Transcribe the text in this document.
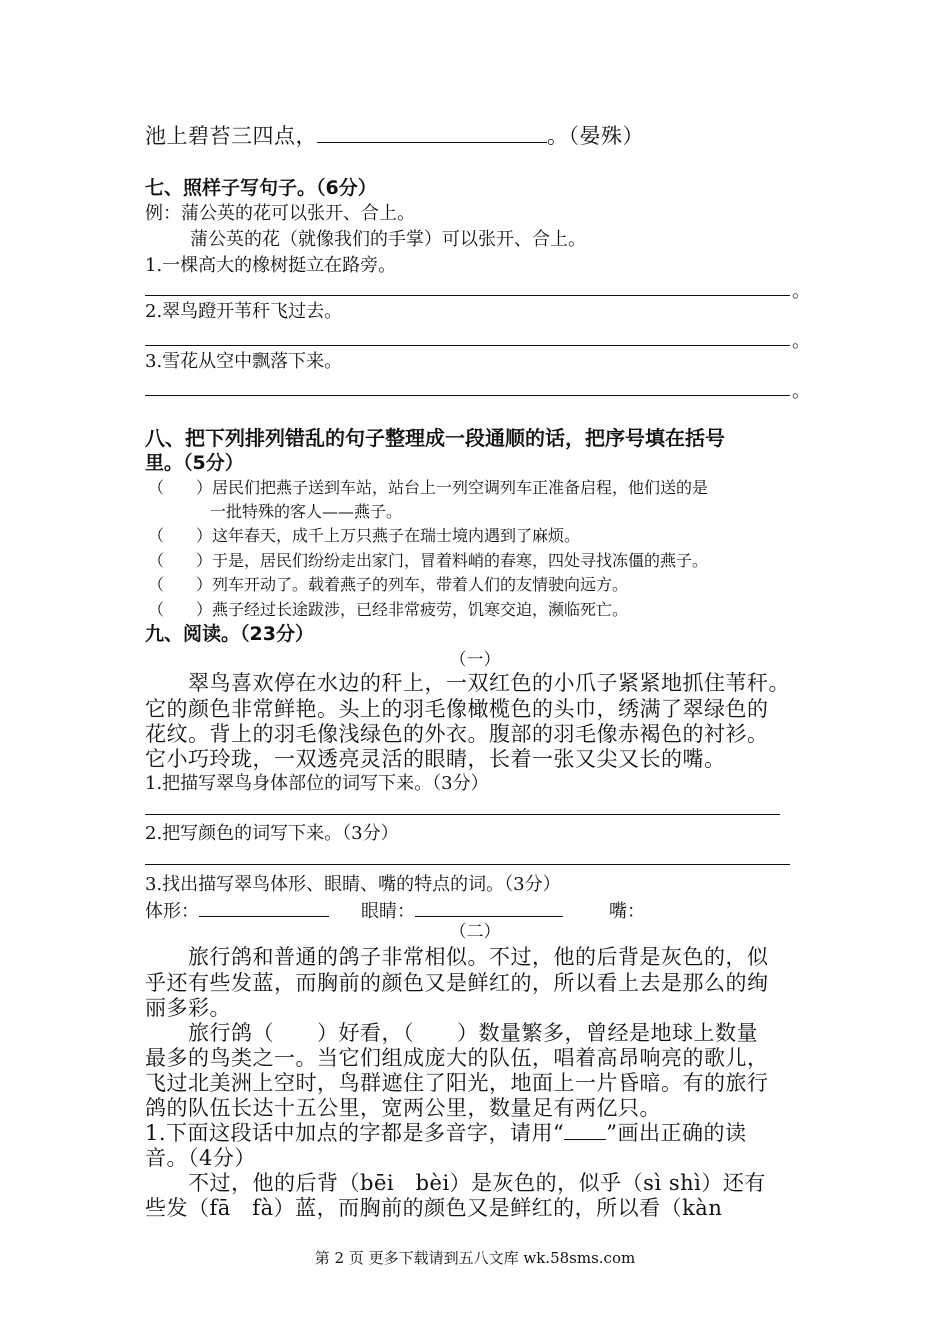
池上碧苔三四点，	。（晏殊）
七、照样子写句子。（6分）
例：蒲公英的花可以张开、合上。
蒲公英的花（就像我们的手掌）可以张开、合上。
1.一棵高大的橡树挺立在路旁。
。
2.翠鸟蹬开苇秆飞过去。
。
3.雪花从空中飘落下来。
。
八、把下列排列错乱的句子整理成一段通顺的话，把序号填在括号
里。（5分）
（　　）居民们把燕子送到车站，站台上一列空调列车正准备启程，他们送的是
一批特殊的客人——燕子。
（　　）这年春天，成千上万只燕子在瑞士境内遇到了麻烦。
（　　）于是，居民们纷纷走出家门，冒着料峭的春寒，四处寻找冻僵的燕子。
（　　）列车开动了。载着燕子的列车，带着人们的友情驶向远方。
（　　）燕子经过长途跋涉，已经非常疲劳，饥寒交迫，濒临死亡。
九、阅读。（23分）
（一）
　　翠鸟喜欢停在水边的秆上，一双红色的小爪子紧紧地抓住苇秆。
它的颜色非常鲜艳。头上的羽毛像橄榄色的头巾，绣满了翠绿色的
花纹。背上的羽毛像浅绿色的外衣。腹部的羽毛像赤褐色的衬衫。
它小巧玲珑，一双透亮灵活的眼睛，长着一张又尖又长的嘴。
1.把描写翠鸟身体部位的词写下来。（3分）
2.把写颜色的词写下来。（3分）
3.找出描写翠鸟体形、眼睛、嘴的特点的词。（3分）
体形：	眼睛：	嘴：
（二）
　　旅行鸽和普通的鸽子非常相似。不过，他的后背是灰色的，似
乎还有些发蓝，而胸前的颜色又是鲜红的，所以看上去是那么的绚
丽多彩。
　　旅行鸽（　　）好看，（　　）数量繁多，曾经是地球上数量
最多的鸟类之一。当它们组成庞大的队伍，唱着高昂响亮的歌儿，
飞过北美洲上空时，鸟群遮住了阳光，地面上一片昏暗。有的旅行
鸽的队伍长达十五公里，宽两公里，数量足有两亿只。
1.下面这段话中加点的字都是多音字，请用“ ”画出正确的读
音。（4分）
　　不过，他的后背（bēi　bèi）是灰色的，似乎（sì shì）还有
些发（fā　fà）蓝，而胸前的颜色又是鲜红的，所以看（kàn
第 2 页 更多下载请到五八文库 wk.58sms.com
